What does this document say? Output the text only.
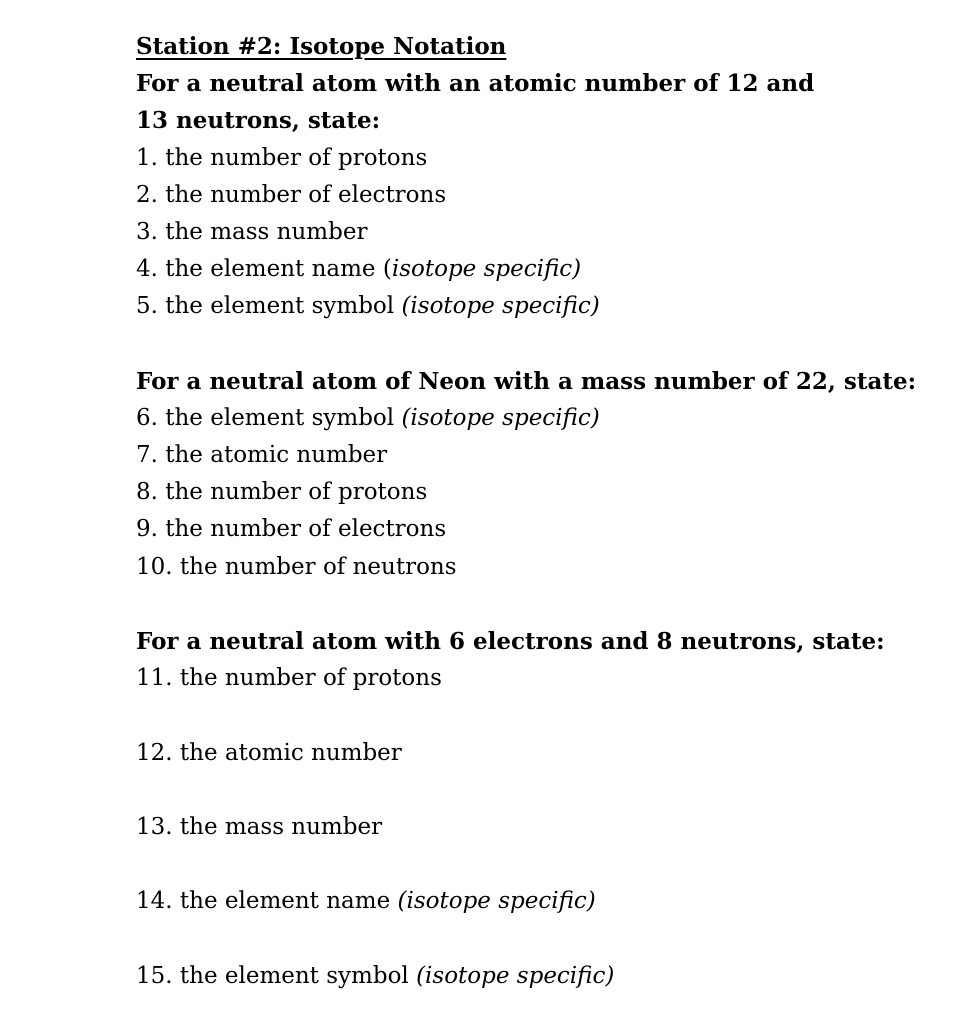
Station #2: Isotope Notation
For a neutral atom with an atomic number of 12 and
13 neutrons, state:
1. the number of protons
2. the number of electrons
3. the mass number
4. the element name (isotope specific)
5. the element symbol (isotope specific)
For a neutral atom of Neon with a mass number of 22, state:
6. the element symbol (isotope specific)
7. the atomic number
8. the number of protons
9. the number of electrons
10. the number of neutrons
For a neutral atom with 6 electrons and 8 neutrons, state:
11. the number of protons
12. the atomic number
13. the mass number
14. the element name (isotope specific)
15. the element symbol (isotope specific)
